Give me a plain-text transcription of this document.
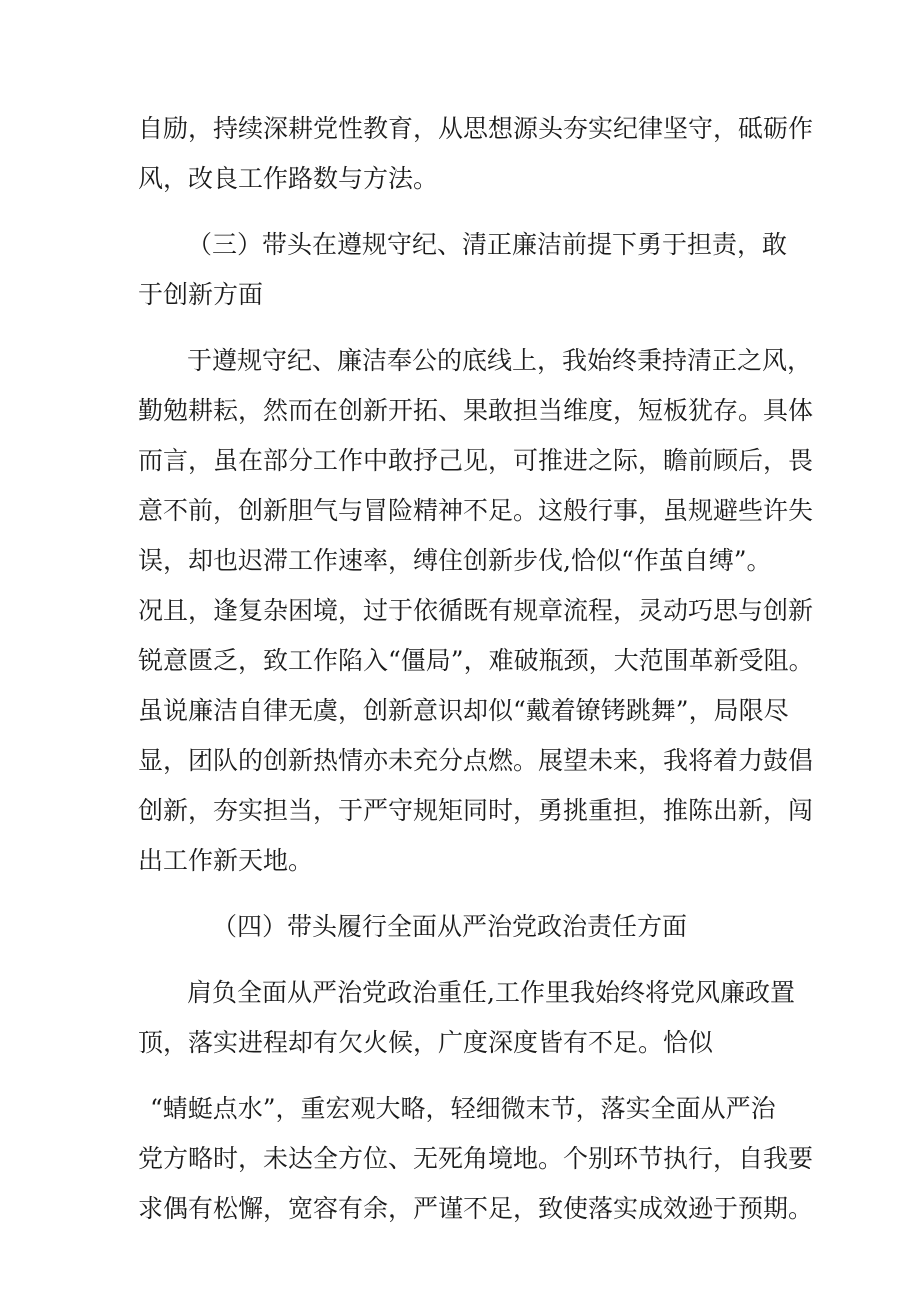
自励，持续深耕党性教育，从思想源头夯实纪律坚守，砥砺作
风，改良工作路数与方法。
（三）带头在遵规守纪、清正廉洁前提下勇于担责，敢
于创新方面
于遵规守纪、廉洁奉公的底线上，我始终秉持清正之风，
勤勉耕耘，然而在创新开拓、果敢担当维度，短板犹存。具体
而言，虽在部分工作中敢抒己见，可推进之际，瞻前顾后，畏
意不前，创新胆气与冒险精神不足。这般行事，虽规避些许失
误，却也迟滞工作速率，缚住创新步伐,恰似“作茧自缚”。
况且，逢复杂困境，过于依循既有规章流程，灵动巧思与创新
锐意匮乏，致工作陷入“僵局”，难破瓶颈，大范围革新受阻。
虽说廉洁自律无虞，创新意识却似“戴着镣铐跳舞”，局限尽
显，团队的创新热情亦未充分点燃。展望未来，我将着力鼓倡
创新，夯实担当，于严守规矩同时，勇挑重担，推陈出新，闯
出工作新天地。
（四）带头履行全面从严治党政治责任方面
肩负全面从严治党政治重任,工作里我始终将党风廉政置
顶，落实进程却有欠火候，广度深度皆有不足。恰似
“蜻蜓点水”，重宏观大略，轻细微末节，落实全面从严治
党方略时，未达全方位、无死角境地。个别环节执行，自我要
求偶有松懈，宽容有余，严谨不足，致使落实成效逊于预期。
